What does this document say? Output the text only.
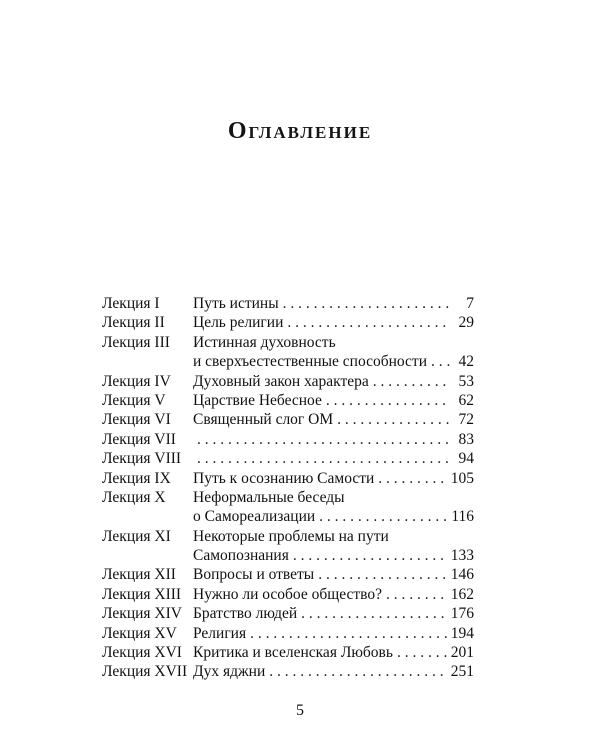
Оглавление
Лекция I	Путь истины . . .	7
Лекция II	Цель религии . . .	29
Лекция III	Истинная духовность
и сверхъестественные способности . . . 42
Лекция IV	Духовный закон характера . . .	53
Лекция V	Царствие Небесное . . .	62
Лекция VI	Священный слог ОМ . . .	72
Лекция VII . . .	83
Лекция VIII . . .	94
Лекция IX	Путь к осознанию Самости . . .	105
Лекция X	Неформальные беседы
о Самореализации . . .	116
Лекция XI	Некоторые проблемы на пути
Самопознания . . .	133
Лекция XII	Вопросы и ответы . . .	146
Лекция XIII Нужно ли особое общество? . . .	162
Лекция XIV Братство людей . . .	176
Лекция XV	Религия . . .	194
Лекция XVI Критика и вселенская Любовь . . .	201
Лекция XVII Дух яджни . . .	251
5
